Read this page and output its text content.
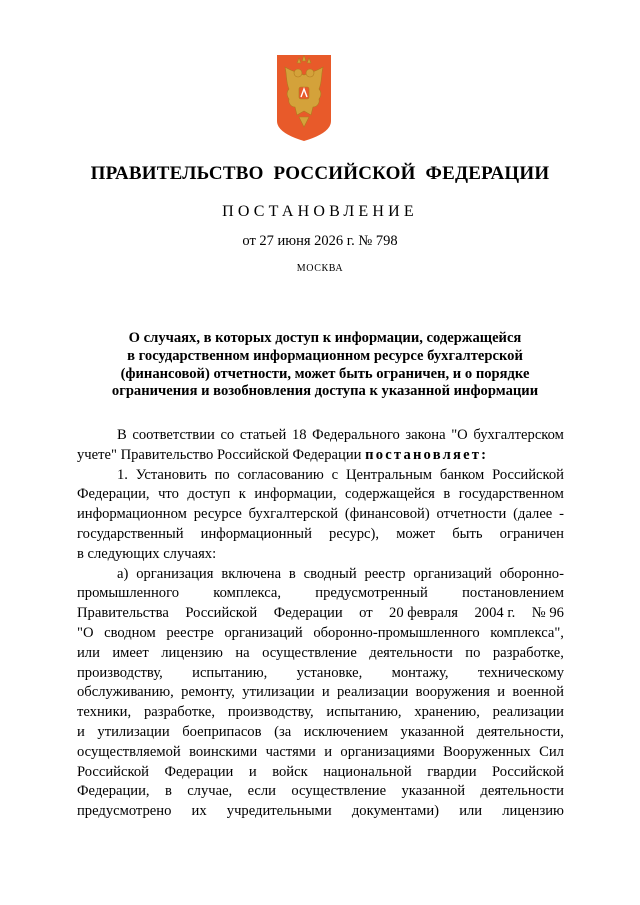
ПРАВИТЕЛЬСТВО РОССИЙСКОЙ ФЕДЕРАЦИИ
ПОСТАНОВЛЕНИЕ
от 27 июня 2026 г. № 798
МОСКВА
О случаях, в которых доступ к информации, содержащейся
в государственном информационном ресурсе бухгалтерской
(финансовой) отчетности, может быть ограничен, и о порядке
ограничения и возобновления доступа к указанной информации
В соответствии со статьей 18 Федерального закона "О бухгалтерском
учете" Правительство Российской Федерации постановляет:
1. Установить по согласованию с Центральным банком Российской
Федерации, что доступ к информации, содержащейся в государственном
информационном ресурсе бухгалтерской (финансовой) отчетности (далее -
государственный информационный ресурс), может быть ограничен
в следующих случаях:
а) организация включена в сводный реестр организаций оборонно-
промышленного комплекса, предусмотренный постановлением
Правительства Российской Федерации от 20 февраля 2004 г. № 96
"О сводном реестре организаций оборонно-промышленного комплекса",
или имеет лицензию на осуществление деятельности по разработке,
производству, испытанию, установке, монтажу, техническому
обслуживанию, ремонту, утилизации и реализации вооружения и военной
техники, разработке, производству, испытанию, хранению, реализации
и утилизации боеприпасов (за исключением указанной деятельности,
осуществляемой воинскими частями и организациями Вооруженных Сил
Российской Федерации и войск национальной гвардии Российской
Федерации, в случае, если осуществление указанной деятельности
предусмотрено их учредительными документами) или лицензию
